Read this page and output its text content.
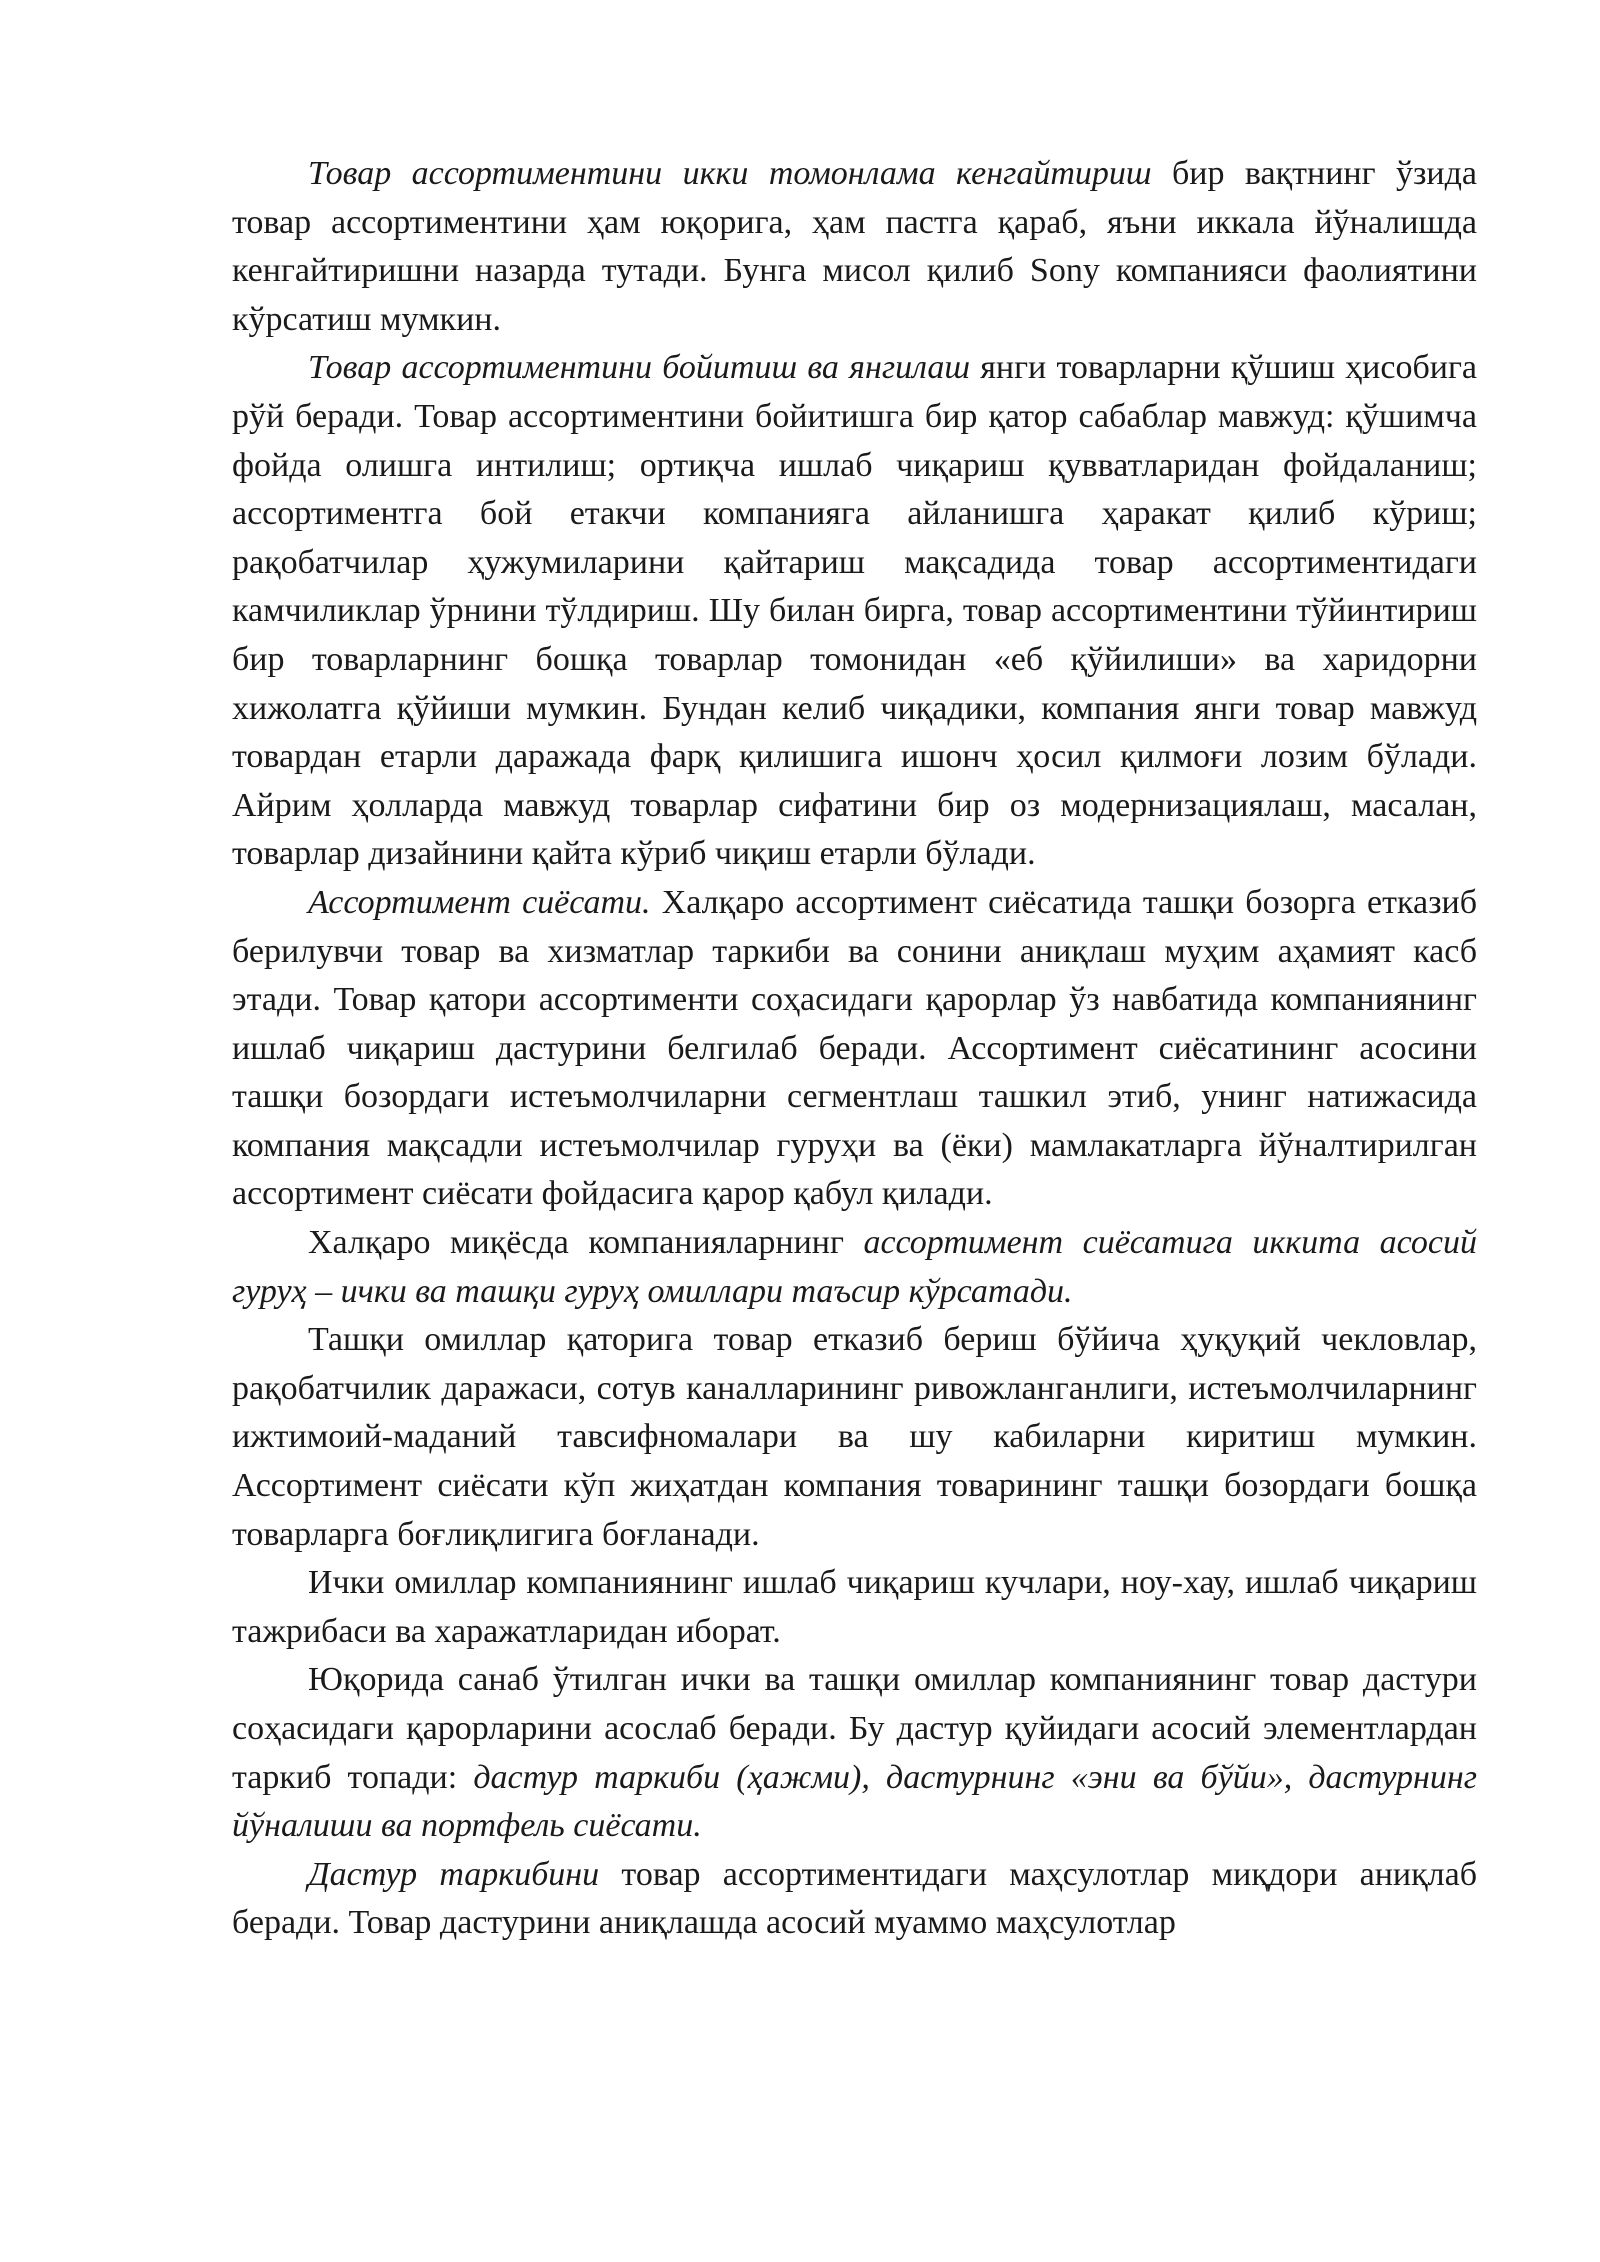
Товар ассортиментини икки томонлама кенгайтириш бир вақтнинг ўзида товар ассортиментини ҳам юқорига, ҳам пастга қараб, яъни иккала йўналишда кенгайтиришни назарда тутади. Бунга мисол қилиб Sony компанияси фаолиятини кўрсатиш мумкин.

Товар ассортиментини бойитиш ва янгилаш янги товарларни қўшиш ҳисобига рўй беради. Товар ассортиментини бойитишга бир қатор сабаблар мавжуд: қўшимча фойда олишга интилиш; ортиқча ишлаб чиқариш қувватларидан фойдаланиш; ассортиментга бой етакчи компанияга айланишга ҳаракат қилиб кўриш; рақобатчилар ҳужумиларини қайтариш мақсадида товар ассортиментидаги камчиликлар ўрнини тўлдириш. Шу билан бирга, товар ассортиментини тўйинтириш бир товарларнинг бошқа товарлар томонидан «еб қўйилиши» ва харидорни хижолатга қўйиши мумкин. Бундан келиб чиқадики, компания янги товар мавжуд товардан етарли даражада фарқ қилишига ишонч ҳосил қилмоғи лозим бўлади. Айрим ҳолларда мавжуд товарлар сифатини бир оз модернизациялаш, масалан, товарлар дизайнини қайта кўриб чиқиш етарли бўлади.

Ассортимент сиёсати. Халқаро ассортимент сиёсатида ташқи бозорга етказиб берилувчи товар ва хизматлар таркиби ва сонини аниқлаш муҳим аҳамият касб этади. Товар қатори ассортименти соҳасидаги қарорлар ўз навбатида компаниянинг ишлаб чиқариш дастурини белгилаб беради. Ассортимент сиёсатининг асосини ташқи бозордаги истеъмолчиларни сегментлаш ташкил этиб, унинг натижасида компания мақсадли истеъмолчилар гуруҳи ва (ёки) мамлакатларга йўналтирилган ассортимент сиёсати фойдасига қарор қабул қилади.

Халқаро миқёсда компанияларнинг ассортимент сиёсатига иккита асосий гуруҳ – ички ва ташқи гуруҳ омиллари таъсир кўрсатади.

Ташқи омиллар қаторига товар етказиб бериш бўйича ҳуқуқий чекловлар, рақобатчилик даражаси, сотув каналларининг ривожланганлиги, истеъмолчиларнинг ижтимоий-маданий тавсифномалари ва шу кабиларни киритиш мумкин. Ассортимент сиёсати кўп жиҳатдан компания товарининг ташқи бозордаги бошқа товарларга боғлиқлигига боғланади.

Ички омиллар компаниянинг ишлаб чиқариш кучлари, ноу-хау, ишлаб чиқариш тажрибаси ва харажатларидан иборат.

Юқорида санаб ўтилган ички ва ташқи омиллар компаниянинг товар дастури соҳасидаги қарорларини асослаб беради. Бу дастур қуйидаги асосий элементлардан таркиб топади: дастур таркиби (ҳажми), дастурнинг «эни ва бўйи», дастурнинг йўналиши ва портфель сиёсати.

Дастур таркибини товар ассортиментидаги маҳсулотлар миқдори аниқлаб беради. Товар дастурини аниқлашда асосий муаммо маҳсулотлар
